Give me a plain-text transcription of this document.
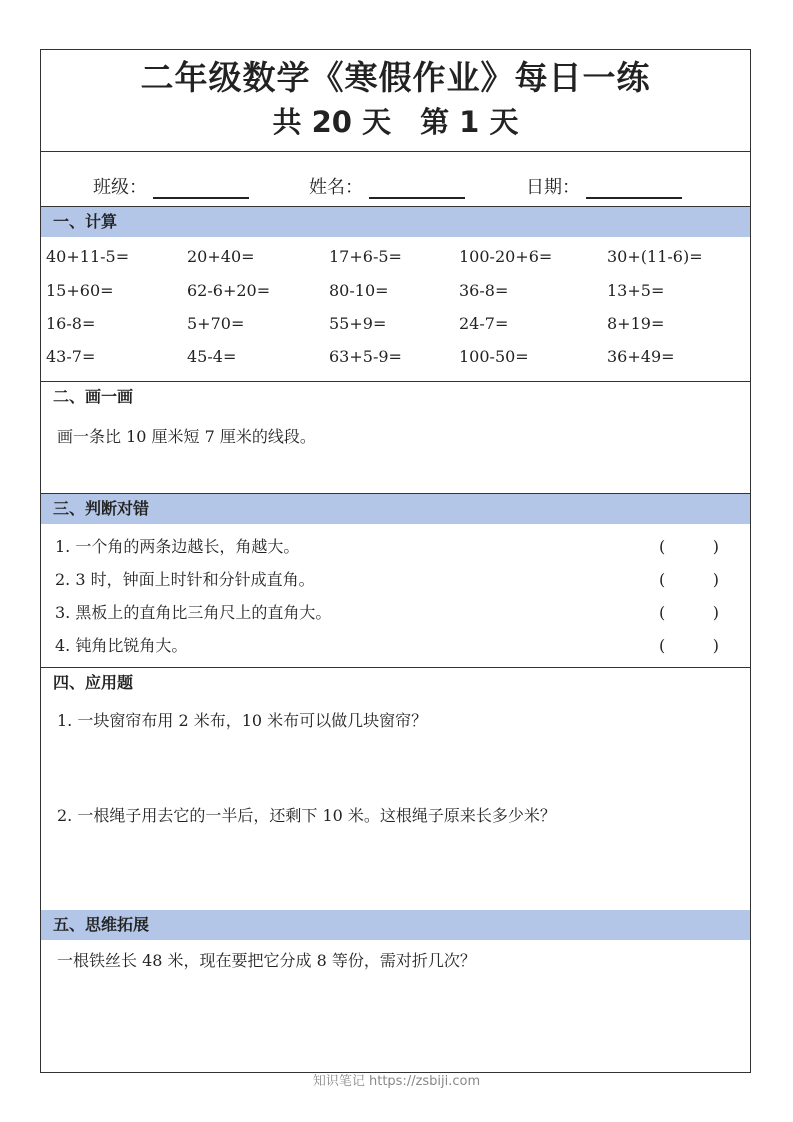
二年级数学《寒假作业》每日一练
共 20 天　第 1 天
班级：	姓名：	日期：
一、计算
40+11-5=	20+40=	17+6-5=	100-20+6=	30+(11-6)=
15+60=	62-6+20=	80-10=	36-8=	13+5=
16-8=	5+70=	55+9=	24-7=	8+19=
43-7=	45-4=	63+5-9=	100-50=	36+49=
二、画一画
画一条比 10 厘米短 7 厘米的线段。
三、判断对错
1. 一个角的两条边越长，角越大。	(	)
2. 3 时，钟面上时针和分针成直角。	(	)
3. 黑板上的直角比三角尺上的直角大。	(	)
4. 钝角比锐角大。	(	)
四、应用题
1. 一块窗帘布用 2 米布，10 米布可以做几块窗帘？
2. 一根绳子用去它的一半后，还剩下 10 米。这根绳子原来长多少米？
五、思维拓展
一根铁丝长 48 米，现在要把它分成 8 等份，需对折几次？
知识笔记 https://zsbiji.com
